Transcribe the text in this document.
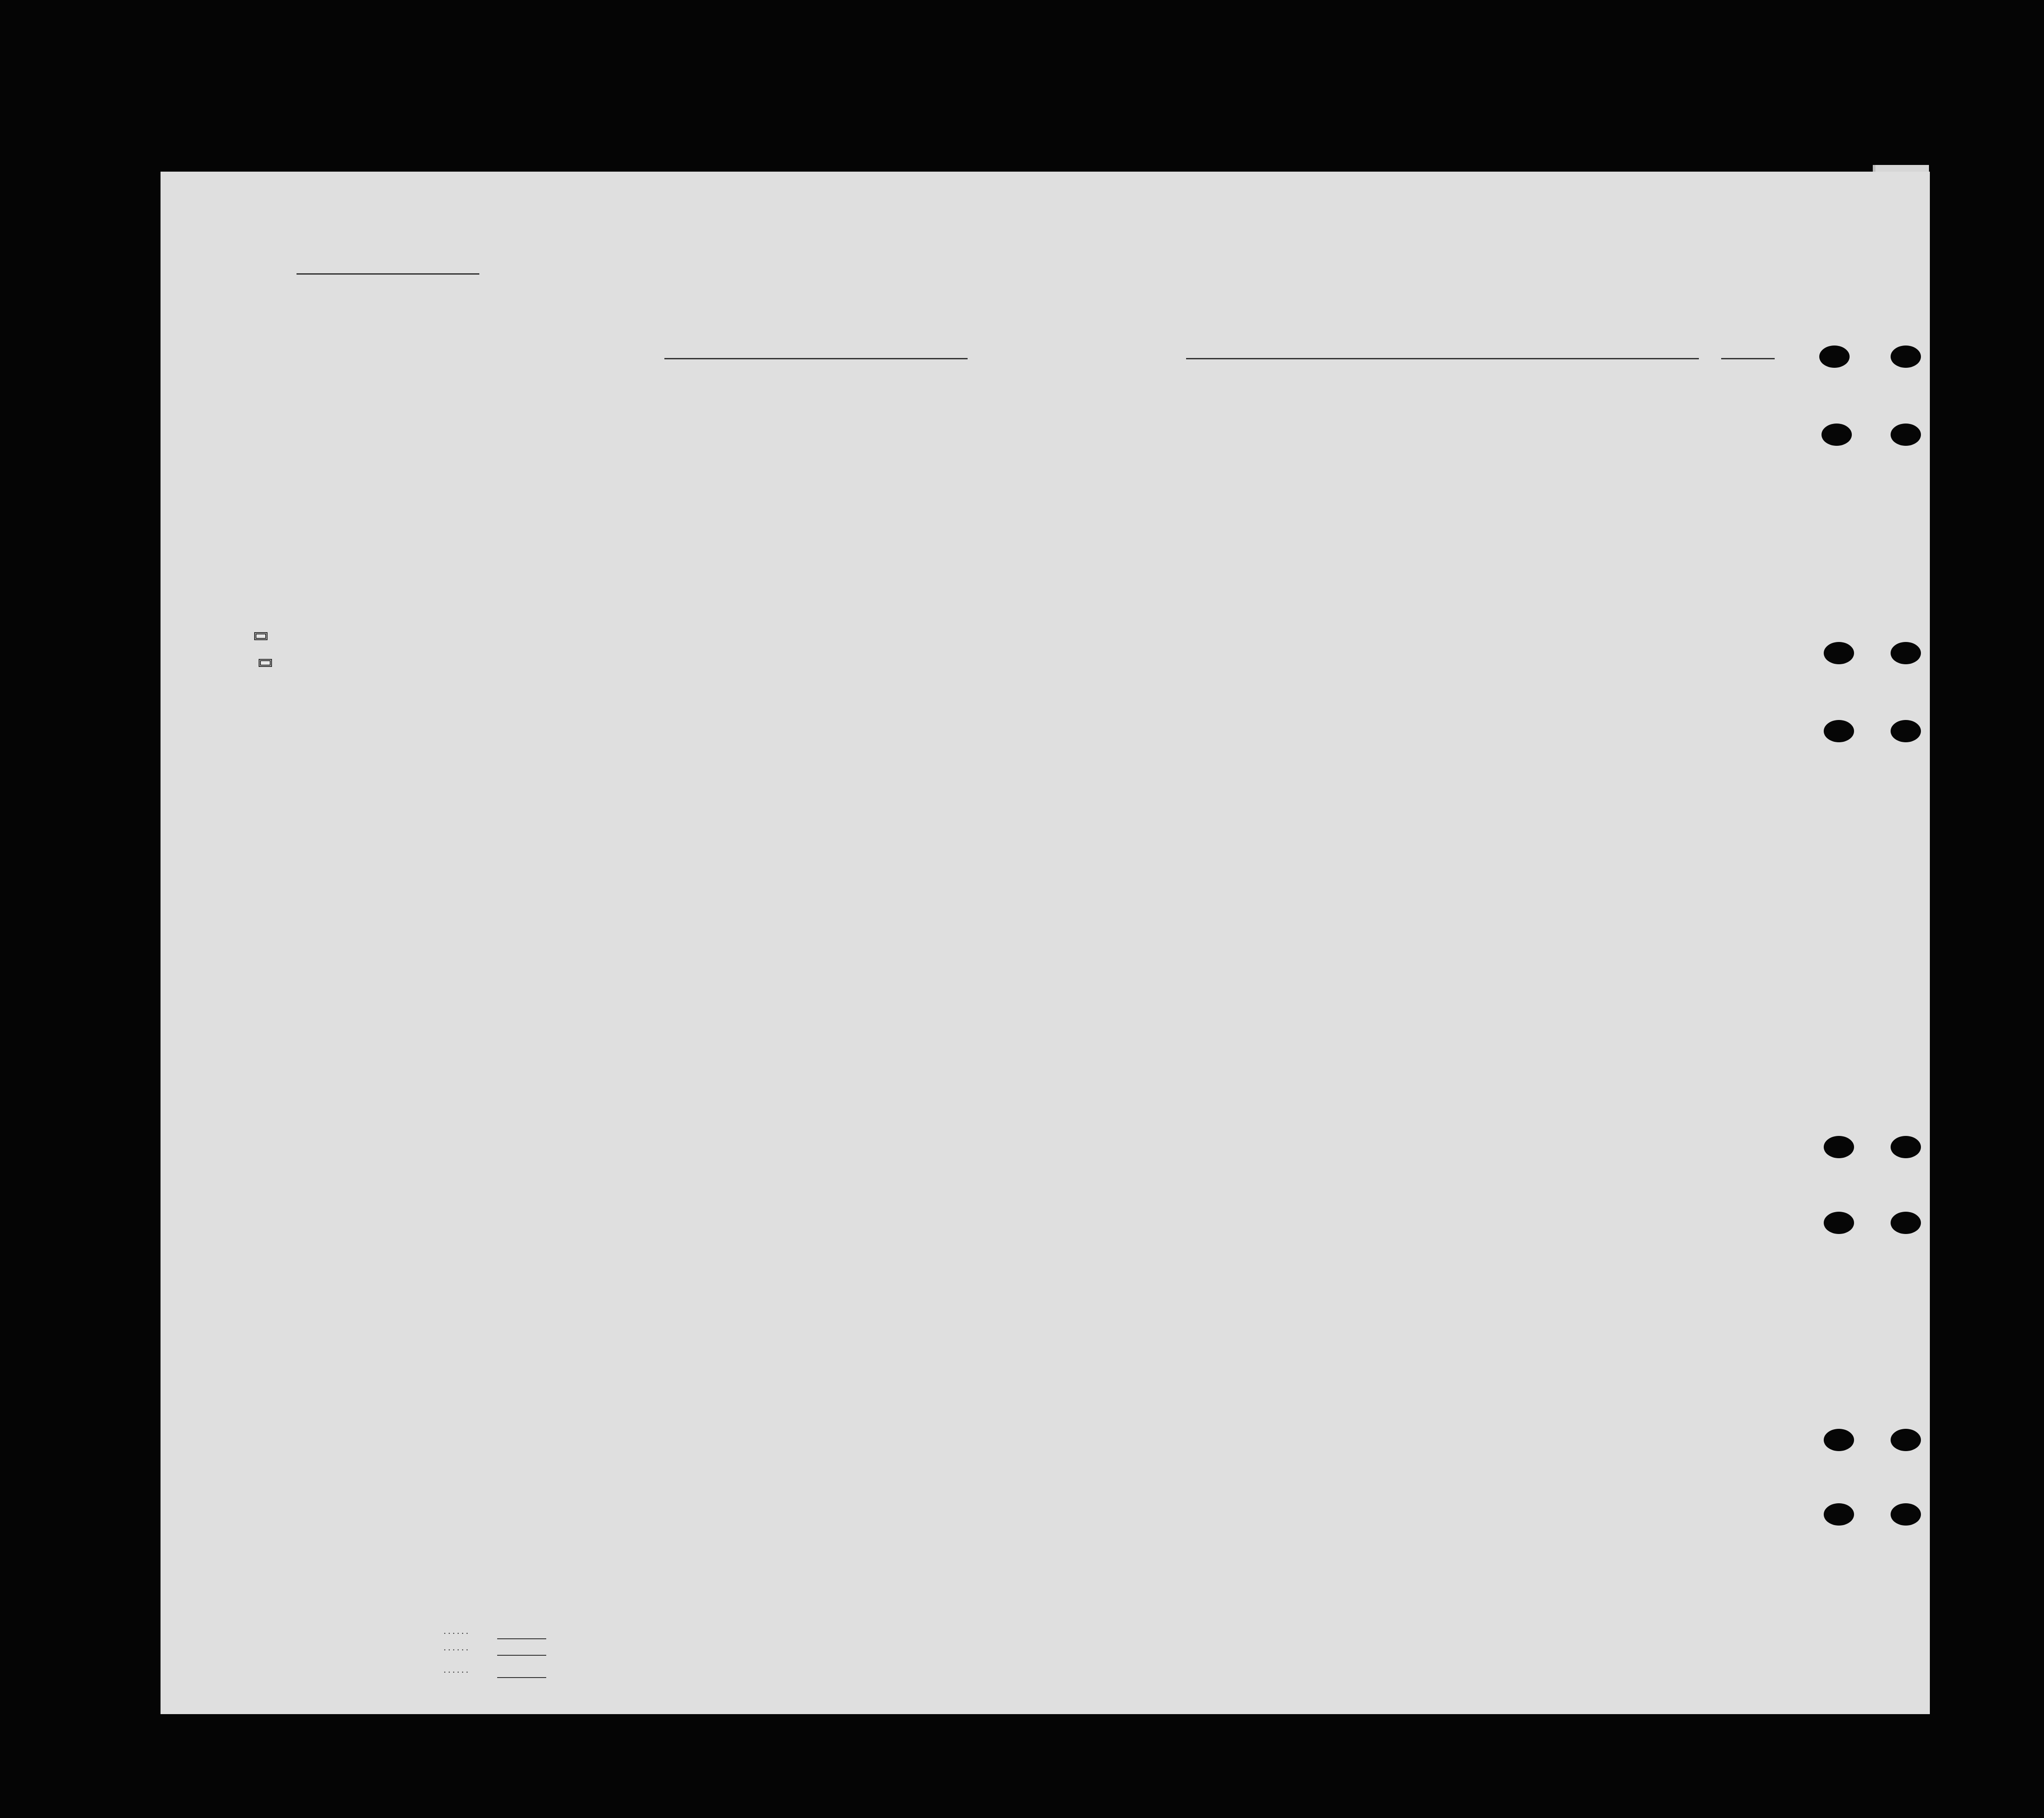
. . . . . .
. . . . . .
. . . . . .
